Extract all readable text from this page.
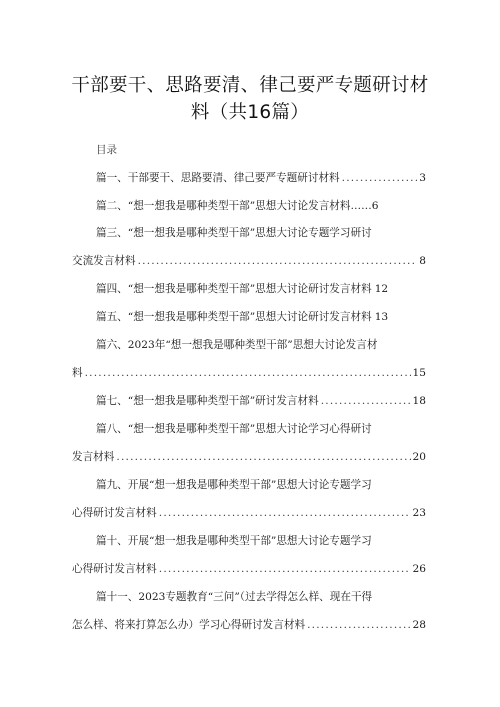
干部要干、思路要清、律己要严专题研讨材
料（共16篇）
目录
篇一、干部要干、思路要清、律己要严专题研讨材料 .....	3
篇二、“想一想我是哪种类型干部”思想大讨论发言材料…… 6
篇三、“想一想我是哪种类型干部”思想大讨论专题学习研讨
交流发言材料 .....	8
篇四、“想一想我是哪种类型干部”思想大讨论研讨发言材料 12
篇五、“想一想我是哪种类型干部”思想大讨论研讨发言材料 13
篇六、2023年“想一想我是哪种类型干部”思想大讨论发言材
料 .....	15
篇七、“想一想我是哪种类型干部”研讨发言材料 .....	18
篇八、“想一想我是哪种类型干部”思想大讨论学习心得研讨
发言材料 .....	20
篇九、开展“想一想我是哪种类型干部”思想大讨论专题学习
心得研讨发言材料 .....	23
篇十、开展“想一想我是哪种类型干部”思想大讨论专题学习
心得研讨发言材料 .....	26
篇十一、2023专题教育“三问”（过去学得怎么样、现在干得
怎么样、将来打算怎么办）学习心得研讨发言材料 .....	28
